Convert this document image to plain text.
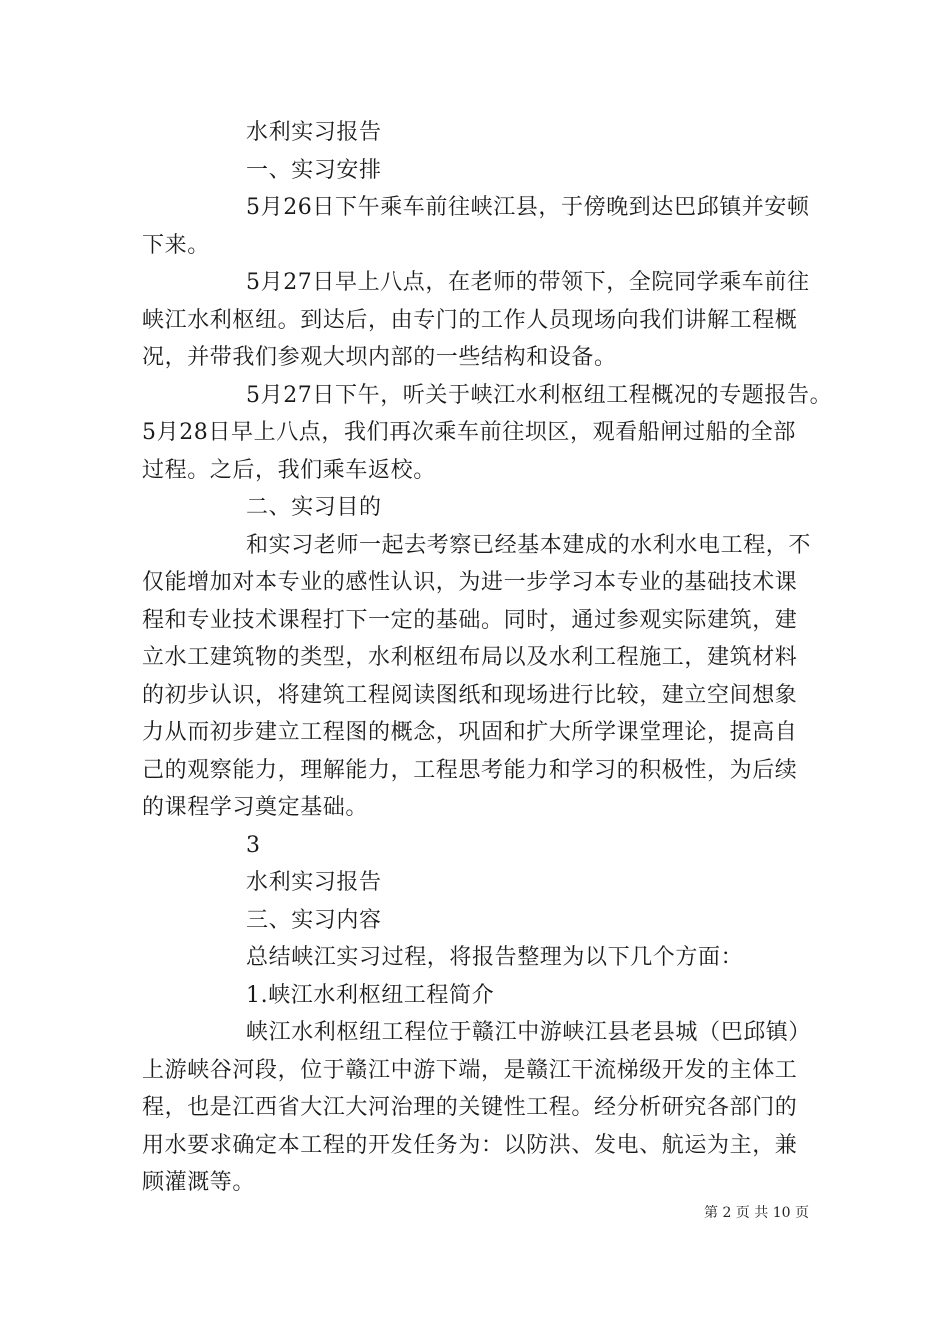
水利实习报告
一、实习安排
5月26日下午乘车前往峡江县，于傍晚到达巴邱镇并安顿
下来。
5月27日早上八点，在老师的带领下，全院同学乘车前往
峡江水利枢纽。到达后，由专门的工作人员现场向我们讲解工程概
况，并带我们参观大坝内部的一些结构和设备。
5月27日下午，听关于峡江水利枢纽工程概况的专题报告。
5月28日早上八点，我们再次乘车前往坝区，观看船闸过船的全部
过程。之后，我们乘车返校。
二、实习目的
和实习老师一起去考察已经基本建成的水利水电工程，不
仅能增加对本专业的感性认识，为进一步学习本专业的基础技术课
程和专业技术课程打下一定的基础。同时，通过参观实际建筑，建
立水工建筑物的类型，水利枢纽布局以及水利工程施工，建筑材料
的初步认识，将建筑工程阅读图纸和现场进行比较，建立空间想象
力从而初步建立工程图的概念，巩固和扩大所学课堂理论，提高自
己的观察能力，理解能力，工程思考能力和学习的积极性，为后续
的课程学习奠定基础。
3
水利实习报告
三、实习内容
总结峡江实习过程，将报告整理为以下几个方面：
1.峡江水利枢纽工程简介
峡江水利枢纽工程位于赣江中游峡江县老县城（巴邱镇）
上游峡谷河段，位于赣江中游下端，是赣江干流梯级开发的主体工
程，也是江西省大江大河治理的关键性工程。经分析研究各部门的
用水要求确定本工程的开发任务为：以防洪、发电、航运为主，兼
顾灌溉等。
第 2 页 共 10 页
